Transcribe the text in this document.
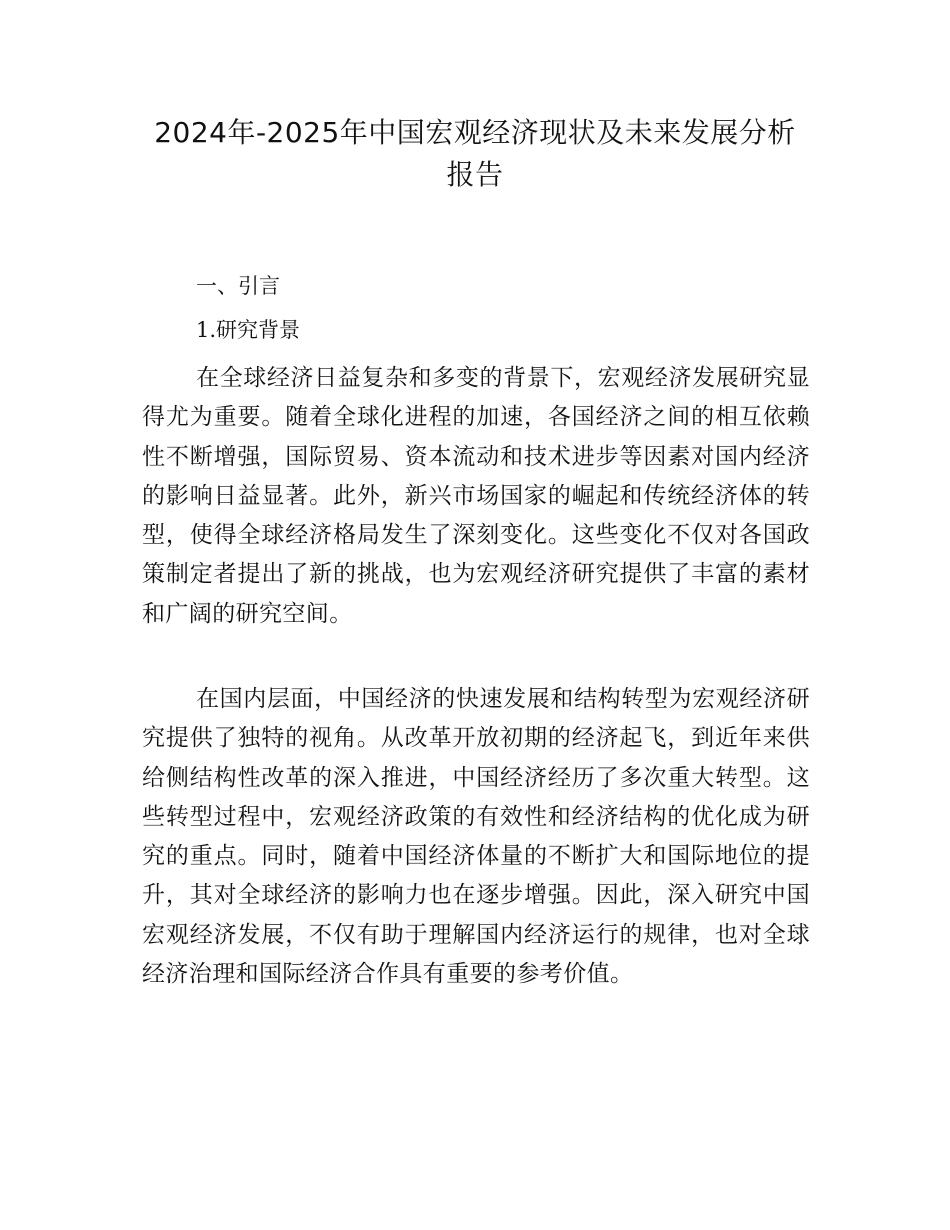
2024年-2025年中国宏观经济现状及未来发展分析报告
一、引言
1.研究背景

在全球经济日益复杂和多变的背景下，宏观经济发展研究显得尤为重要。随着全球化进程的加速，各国经济之间的相互依赖性不断增强，国际贸易、资本流动和技术进步等因素对国内经济的影响日益显著。此外，新兴市场国家的崛起和传统经济体的转型，使得全球经济格局发生了深刻变化。这些变化不仅对各国政策制定者提出了新的挑战，也为宏观经济研究提供了丰富的素材和广阔的研究空间。

在国内层面，中国经济的快速发展和结构转型为宏观经济研究提供了独特的视角。从改革开放初期的经济起飞，到近年来供给侧结构性改革的深入推进，中国经济经历了多次重大转型。这些转型过程中，宏观经济政策的有效性和经济结构的优化成为研究的重点。同时，随着中国经济体量的不断扩大和国际地位的提升，其对全球经济的影响力也在逐步增强。因此，深入研究中国宏观经济发展，不仅有助于理解国内经济运行的规律，也对全球经济治理和国际经济合作具有重要的参考价值。
